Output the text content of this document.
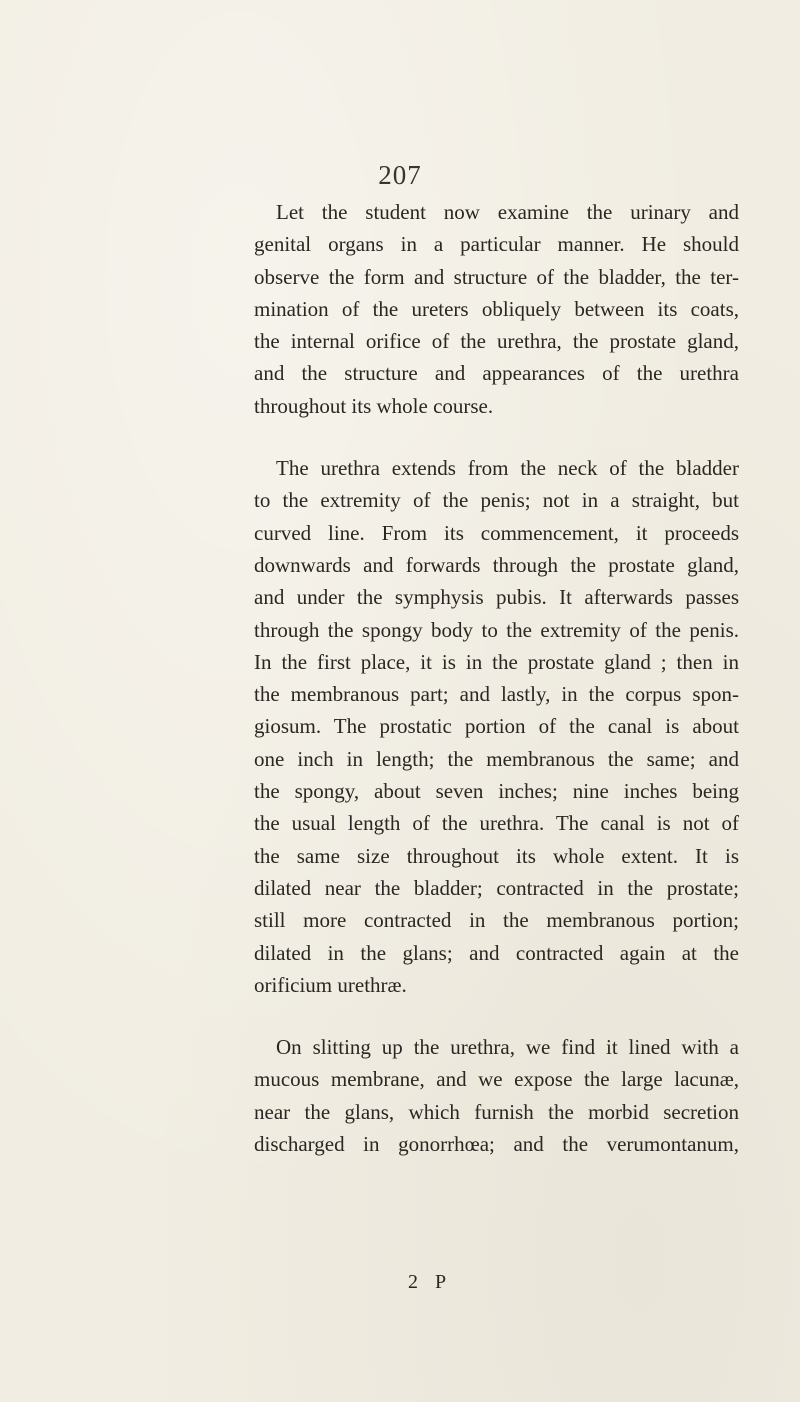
207
Let the student now examine the urinary and
genital organs in a particular manner. He should
observe the form and structure of the bladder, the ter-
mination of the ureters obliquely between its coats,
the internal orifice of the urethra, the prostate gland,
and the structure and appearances of the urethra
throughout its whole course.
The urethra extends from the neck of the bladder
to the extremity of the penis; not in a straight, but
curved line. From its commencement, it proceeds
downwards and forwards through the prostate gland,
and under the symphysis pubis. It afterwards passes
through the spongy body to the extremity of the penis.
In the first place, it is in the prostate gland ; then in
the membranous part; and lastly, in the corpus spon-
giosum. The prostatic portion of the canal is about
one inch in length; the membranous the same; and
the spongy, about seven inches; nine inches being
the usual length of the urethra. The canal is not of
the same size throughout its whole extent. It is
dilated near the bladder; contracted in the prostate;
still more contracted in the membranous portion;
dilated in the glans; and contracted again at the
orificium urethræ.
On slitting up the urethra, we find it lined with a
mucous membrane, and we expose the large lacunæ,
near the glans, which furnish the morbid secretion
discharged in gonorrhœa; and the verumontanum,
2 P
